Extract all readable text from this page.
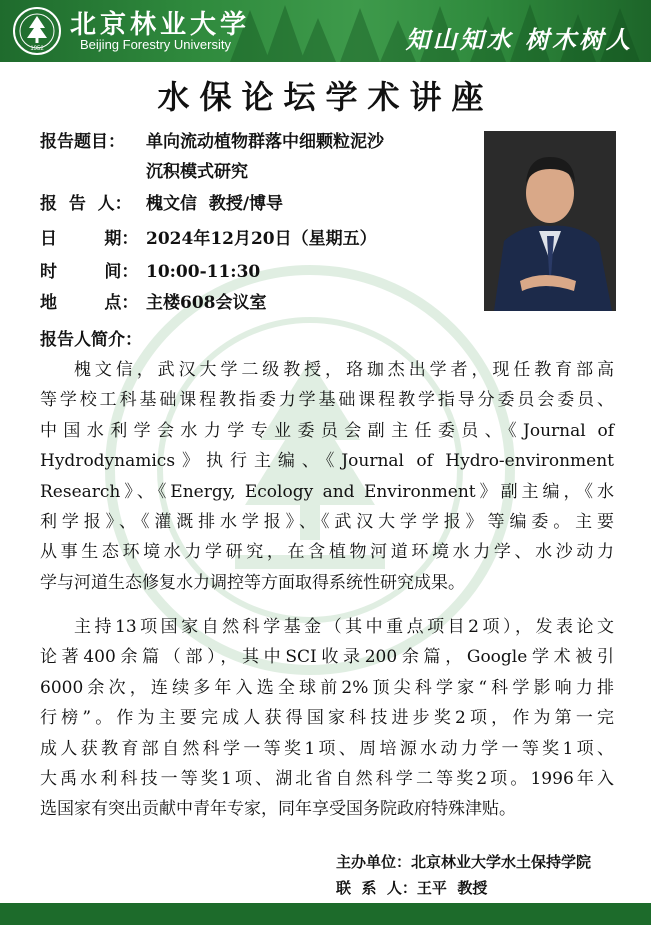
1952
北京林业大学
Beijing Forestry University	知山知水 树木树人
水保论坛学术讲座
报告题目： 单向流动植物群落中细颗粒泥沙
沉积模式研究
报  告  人： 槐文信  教授/博导
日        期： 2024年12月20日（星期五）
时        间： 10:00-11:30
地        点： 主楼608会议室
报告人简介：
槐文信，武汉大学二级教授，珞珈杰出学者，现任教育部高
等学校工科基础课程教指委力学基础课程教学指导分委员会委员、
中国水利学会水力学专业委员会副主任委员、《Journal of
Hydrodynamics》执行主编、《Journal of Hydro-environment
Research》、《Energy, Ecology and Environment》副主编，《水
利学报》、《灌溉排水学报》、《武汉大学学报》等编委。主要
从事生态环境水力学研究，在含植物河道环境水力学、水沙动力
学与河道生态修复水力调控等方面取得系统性研究成果。
主持13项国家自然科学基金（其中重点项目2项），发表论文
论著400余篇（部），其中SCI收录200余篇，Google学术被引
6000余次，连续多年入选全球前2%顶尖科学家“科学影响力排
行榜”。作为主要完成人获得国家科技进步奖2项，作为第一完
成人获教育部自然科学一等奖1项、周培源水动力学一等奖1项、
大禹水利科技一等奖1项、湖北省自然科学二等奖2项。1996年入
选国家有突出贡献中青年专家，同年享受国务院政府特殊津贴。
主办单位：北京林业大学水土保持学院
联  系  人：王平  教授
